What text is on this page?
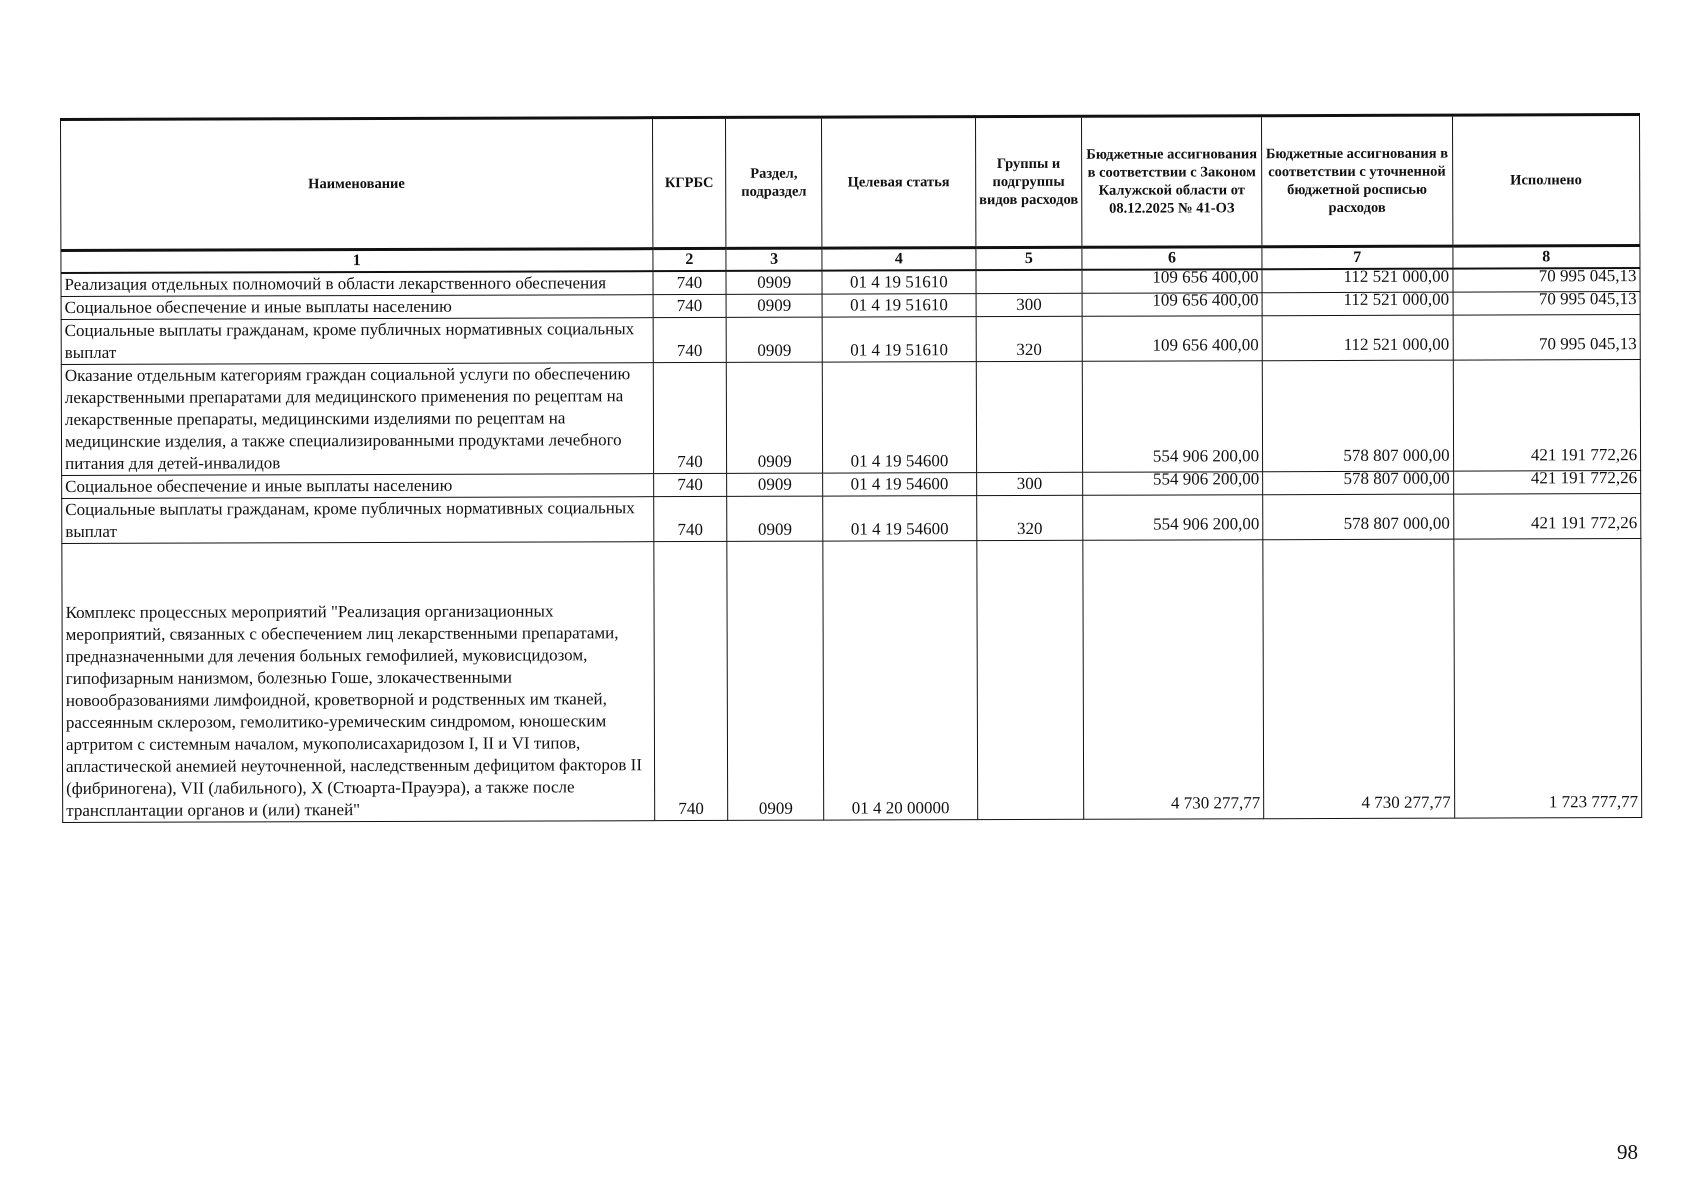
Наименование	КГРБС	Раздел, подраздел	Целевая статья	Группы и подгруппы видов расходов	Бюджетные ассигнования в соответствии с Законом Калужской области от 08.12.2025 № 41-ОЗ	Бюджетные ассигнования в соответствии с уточненной бюджетной росписью расходов	Исполнено
1	2	3	4	5	6	7	8
Реализация отдельных полномочий в области лекарственного обеспечения	740	0909	01 4 19 51610		109 656 400,00	112 521 000,00	70 995 045,13
Социальное обеспечение и иные выплаты населению	740	0909	01 4 19 51610	300	109 656 400,00	112 521 000,00	70 995 045,13
Социальные выплаты гражданам, кроме публичных нормативных социальных выплат	740	0909	01 4 19 51610	320	109 656 400,00	112 521 000,00	70 995 045,13
Оказание отдельным категориям граждан социальной услуги по обеспечению лекарственными препаратами для медицинского применения по рецептам на лекарственные препараты, медицинскими изделиями по рецептам на медицинские изделия, а также специализированными продуктами лечебного питания для детей-инвалидов	740	0909	01 4 19 54600		554 906 200,00	578 807 000,00	421 191 772,26
Социальное обеспечение и иные выплаты населению	740	0909	01 4 19 54600	300	554 906 200,00	578 807 000,00	421 191 772,26
Социальные выплаты гражданам, кроме публичных нормативных социальных выплат	740	0909	01 4 19 54600	320	554 906 200,00	578 807 000,00	421 191 772,26
Комплекс процессных мероприятий "Реализация организационных мероприятий, связанных с обеспечением лиц лекарственными препаратами, предназначенными для лечения больных гемофилией, муковисцидозом, гипофизарным нанизмом, болезнью Гоше, злокачественными новообразованиями лимфоидной, кроветворной и родственных им тканей, рассеянным склерозом, гемолитико-уремическим синдромом, юношеским артритом с системным началом, мукополисахаридозом I, II и VI типов, апластической анемией неуточненной, наследственным дефицитом факторов II (фибриногена), VII (лабильного), X (Стюарта-Прауэра), а также после трансплантации органов и (или) тканей"	740	0909	01 4 20 00000		4 730 277,77	4 730 277,77	1 723 777,77
98
